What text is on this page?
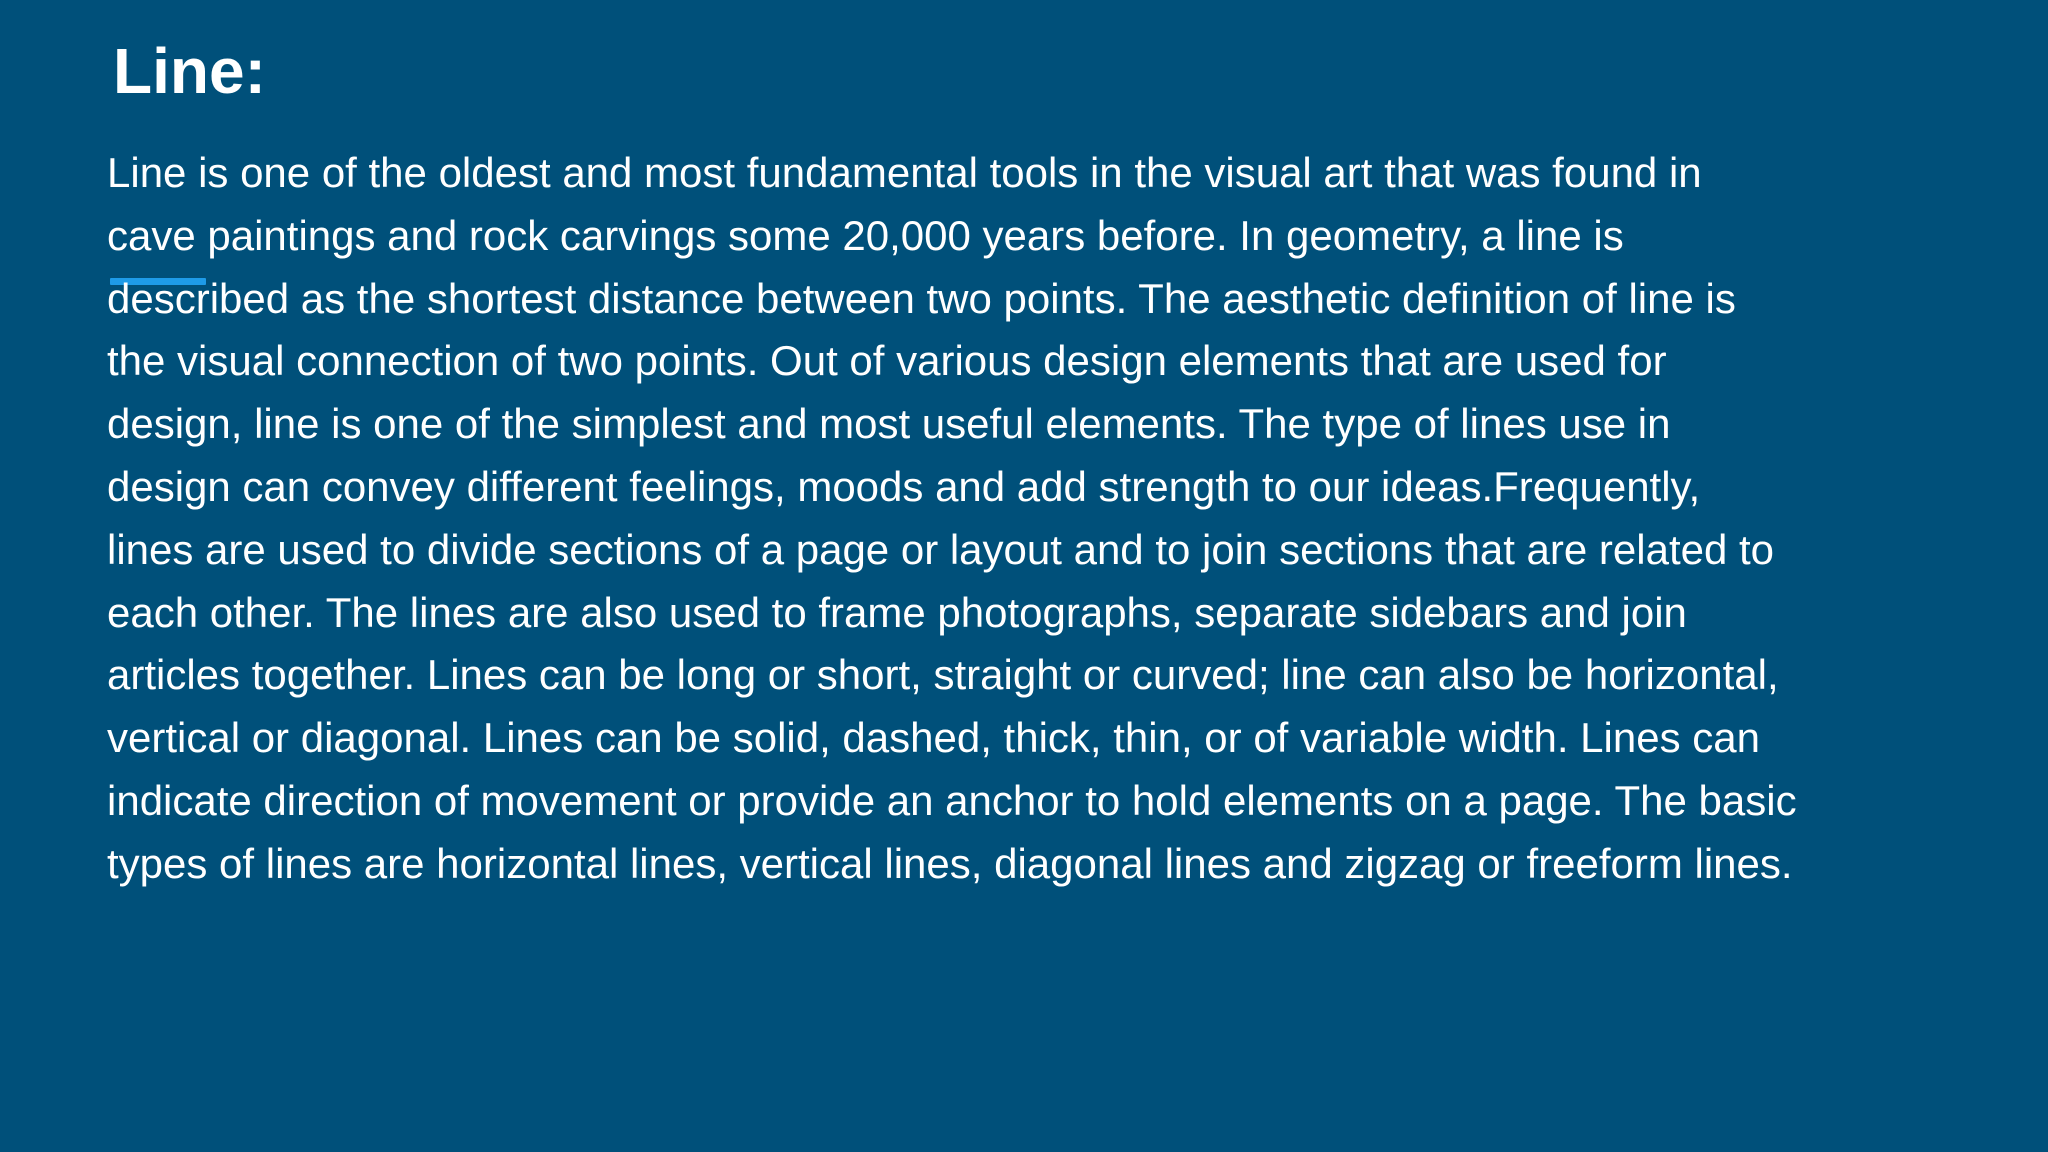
Line:

Line is one of the oldest and most fundamental tools in the visual art that was found in
cave paintings and rock carvings some 20,000 years before. In geometry, a line is
described as the shortest distance between two points. The aesthetic definition of line is
the visual connection of two points. Out of various design elements that are used for
design, line is one of the simplest and most useful elements. The type of lines use in
design can convey different feelings, moods and add strength to our ideas.Frequently,
lines are used to divide sections of a page or layout and to join sections that are related to
each other. The lines are also used to frame photographs, separate sidebars and join
articles together. Lines can be long or short, straight or curved; line can also be horizontal,
vertical or diagonal. Lines can be solid, dashed, thick, thin, or of variable width. Lines can
indicate direction of movement or provide an anchor to hold elements on a page. The basic
types of lines are horizontal lines, vertical lines, diagonal lines and zigzag or freeform lines.
